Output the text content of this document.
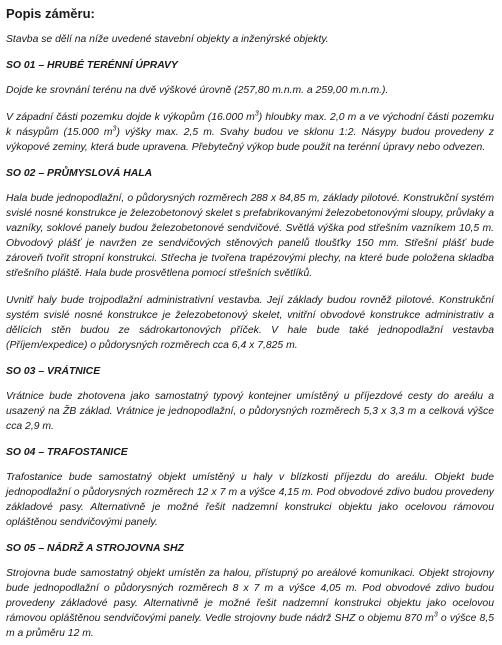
Popis záměru:

Stavba se dělí na níže uvedené stavební objekty a inženýrské objekty.

SO 01 – HRUBÉ TERÉNNÍ ÚPRAVY

Dojde ke srovnání terénu na dvě výškové úrovně (257,80 m.n.m. a 259,00 m.n.m.).

V západní části pozemku dojde k výkopům (16.000 $m^3$) hloubky max. 2,0 m a ve východní části pozemku k násypům (15.000 $m^3$) výšky max. 2,5 m. Svahy budou ve sklonu 1:2. Násypy budou provedeny z výkopové zeminy, která bude upravena. Přebytečný výkop bude použit na terénní úpravy nebo odvezen.

SO 02 – PRŮMYSLOVÁ HALA

Hala bude jednopodlažní, o půdorysných rozměrech 288 x 84,85 m, základy pilotové. Konstrukční systém svislé nosné konstrukce je železobetonový skelet s prefabrikovanými železobetonovými sloupy, průvlaky a vazníky, soklové panely budou železobetonové sendvičové. Světlá výška pod střešním vazníkem 10,5 m. Obvodový plášť je navržen ze sendvičových stěnových panelů tloušťky 150 mm. Střešní plášť bude zároveň tvořit stropní konstrukci. Střecha je tvořena trapézovými plechy, na které bude položena skladba střešního pláště. Hala bude prosvětlena pomocí střešních světlíků.

Uvnitř haly bude trojpodlažní administrativní vestavba. Její základy budou rovněž pilotové. Konstrukční systém svislé nosné konstrukce je železobetonový skelet, vnitřní obvodové konstrukce administrativ a dělících stěn budou ze sádrokartonových příček. V hale bude také jednopodlažní vestavba (Příjem/expedice) o půdorysných rozměrech cca 6,4 x 7,825 m.

SO 03 – VRÁTNICE

Vrátnice bude zhotovena jako samostatný typový kontejner umístěný u příjezdové cesty do areálu a usazený na ŽB základ. Vrátnice je jednopodlažní, o půdorysných rozměrech 5,3 x 3,3 m a celková výšce cca 2,9 m.

SO 04 – TRAFOSTANICE

Trafostanice bude samostatný objekt umístěný u haly v blízkosti příjezdu do areálu. Objekt bude jednopodlažní o půdorysných rozměrech 12 x 7 m a výšce 4,15 m. Pod obvodové zdivo budou provedeny základové pasy. Alternativně je možné řešit nadzemní konstrukci objektu jako ocelovou rámovou opláštěnou sendvičovými panely.

SO 05 – NÁDRŽ A STROJOVNA SHZ

Strojovna bude samostatný objekt umístěn za halou, přístupný po areálové komunikaci. Objekt strojovny bude jednopodlažní o půdorysných rozměrech 8 x 7 m a výšce 4,05 m. Pod obvodové zdivo budou provedeny základové pasy. Alternativně je možné řešit nadzemní konstrukci objektu jako ocelovou rámovou opláštěnou sendvičovými panely. Vedle strojovny bude nádrž SHZ o objemu 870 $m^3$ o výšce 8,5 m a průměru 12 m.
